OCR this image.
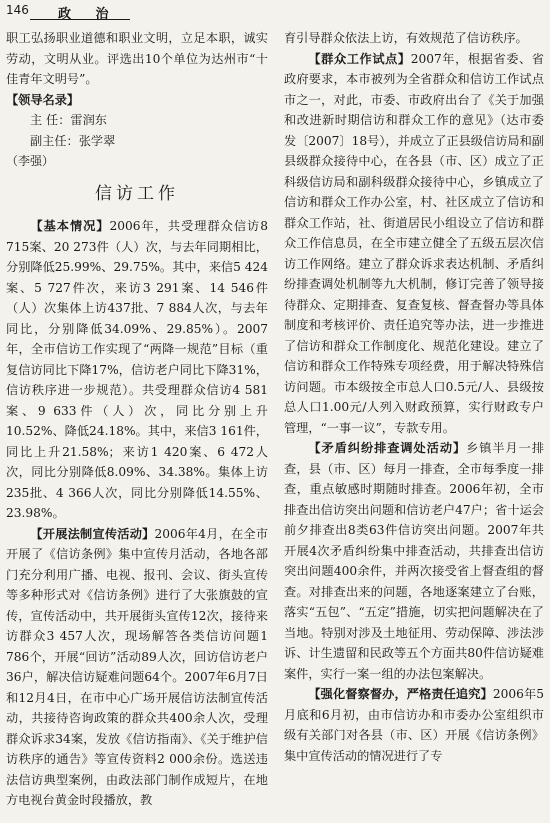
146 政 治

职工弘扬职业道德和职业文明，立足本职，诚实劳动，文明从业。评选出10个单位为达州市“十佳青年文明号”。

【领导名录】

主 任：雷润东

副主任：张学翠

（李强）

信访工作

【基本情况】2006年，共受理群众信访8 715案、20 273件（人）次，与去年同期相比，分别降低25.99%、29.75%。其中，来信5 424案、5 727件次，来访3 291案、14 546件（人）次集体上访437批、7 884人次，与去年同比，分别降低34.09%、29.85%）。2007年，全市信访工作实现了“两降一规范”目标（重复信访同比下降17%，信访老户同比下降31%，信访秩序进一步规范）。共受理群众信访4 581案、9 633件（人）次，同比分别上升10.52%、降低24.18%。其中，来信3 161件，同比上升21.58%；来访1 420案、6 472人次，同比分别降低8.09%、34.38%。集体上访235批、4 366人次，同比分别降低14.55%、23.98%。

【开展法制宣传活动】2006年4月，在全市开展了《信访条例》集中宣传月活动，各地各部门充分利用广播、电视、报刊、会议、街头宣传等多种形式对《信访条例》进行了大张旗鼓的宣传，宣传活动中，共开展街头宣传12次，接待来访群众3 457人次，现场解答各类信访问题1 786个，开展“回访”活动89人次，回访信访老户36户，解决信访疑难问题64个。2007年6月7日和12月4日，在市中心广场开展信访法制宣传活动，共接待咨询政策的群众共400余人次，受理群众诉求34案，发放《信访指南》、《关于维护信访秩序的通告》等宣传资料2 000余份。选送违法信访典型案例，由政法部门制作成短片，在地方电视台黄金时段播放，教

育引导群众依法上访，有效规范了信访秩序。

【群众工作试点】2007年，根据省委、省政府要求，本市被列为全省群众和信访工作试点市之一，对此，市委、市政府出台了《关于加强和改进新时期信访和群众工作的意见》（达市委发〔2007〕18号），并成立了正县级信访局和副县级群众接待中心，在各县（市、区）成立了正科级信访局和副科级群众接待中心，乡镇成立了信访和群众工作办公室，村、社区成立了信访和群众工作站，社、街道居民小组设立了信访和群众工作信息员，在全市建立健全了五级五层次信访工作网络。建立了群众诉求表达机制、矛盾纠纷排查调处机制等九大机制，修订完善了领导接待群众、定期排查、复查复核、督查督办等具体制度和考核评价、责任追究等办法，进一步推进了信访和群众工作制度化、规范化建设。建立了信访和群众工作特殊专项经费，用于解决特殊信访问题。市本级按全市总人口0.5元/人、县级按总人口1.00元/人列入财政预算，实行财政专户管理，“一事一议”，专款专用。

【矛盾纠纷排查调处活动】乡镇半月一排查，县（市、区）每月一排查，全市每季度一排查，重点敏感时期随时排查。2006年初，全市排查出信访突出问题和信访老户47户；省十运会前夕排查出8类63件信访突出问题。2007年共开展4次矛盾纠纷集中排查活动，共排查出信访突出问题400余件，并两次接受省上督查组的督查。对排查出来的问题，各地逐案建立了台账，落实“五包”、“五定”措施，切实把问题解决在了当地。特别对涉及土地征用、劳动保障、涉法涉诉、计生遗留和民政等五个方面共80件信访疑难案件，实行一案一组的办法包案解决。

【强化督察督办，严格责任追究】2006年5月底和6月初，由市信访办和市委办公室组织市级有关部门对各县（市、区）开展《信访条例》集中宣传活动的情况进行了专
